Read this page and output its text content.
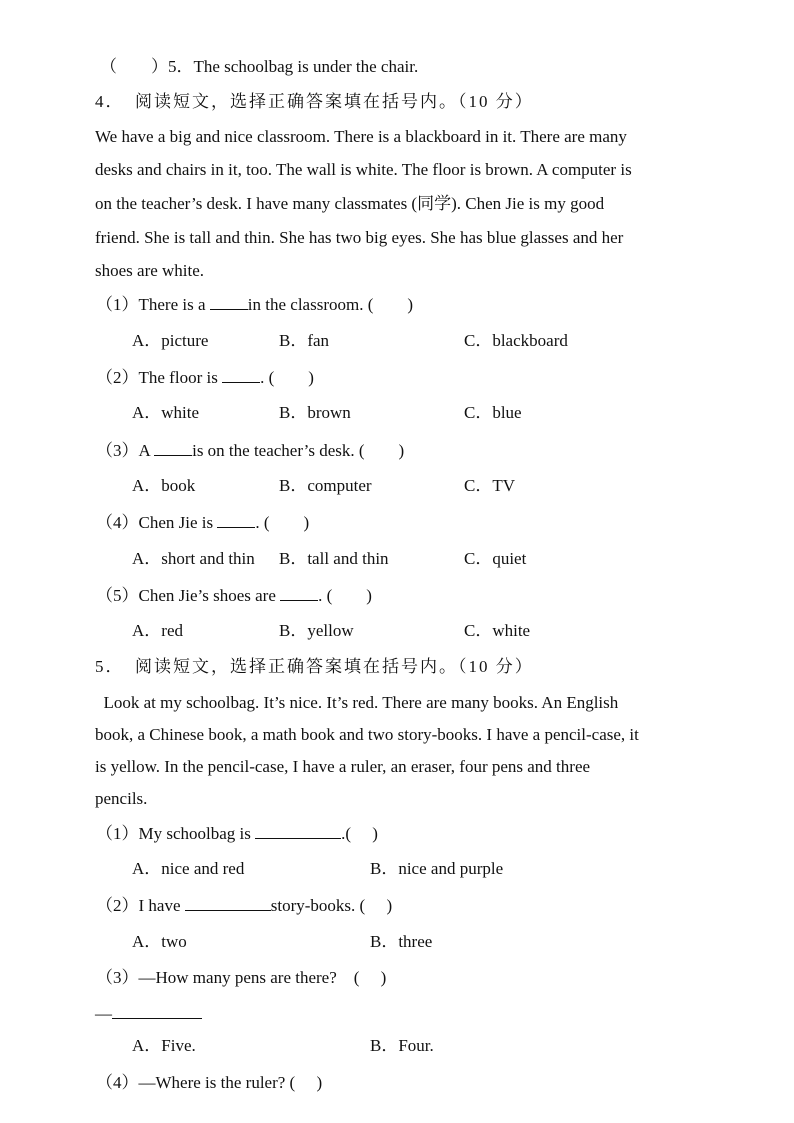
（　　）5．The schoolbag is under the chair.
4．　阅读短文，选择正确答案填在括号内。（10 分）
We have a big and nice classroom. There is a blackboard in it. There are many
desks and chairs in it, too. The wall is white. The floor is brown. A computer is
on the teacher’s desk. I have many classmates (同学). Chen Jie is my good
friend. She is tall and thin. She has two big eyes. She has blue glasses and her
shoes are white.
（1）There is a in the classroom. (　　)
A．picture	B．fan	C．blackboard
（2）The floor is . (　　)
A．white	B．brown	C．blue
（3）A is on the teacher’s desk. (　　)
A．book	B．computer	C．TV
（4）Chen Jie is . (　　)
A．short and thin B．tall and thin	C．quiet
（5）Chen Jie’s shoes are . (　　)
A．red	B．yellow	C．white
5．　阅读短文，选择正确答案填在括号内。（10 分）
Look at my schoolbag. It’s nice. It’s red. There are many books. An English
book, a Chinese book, a math book and two story-books. I have a pencil-case, it
is yellow. In the pencil-case, I have a ruler, an eraser, four pens and three
pencils.
（1）My schoolbag is	.(　 )
A．nice and red	B．nice and purple
（2）I have	story-books. (　 )
A．two	B．three
（3）—How many pens are there?　(　 )
—
A．Five.	B．Four.
（4）—Where is the ruler? (　 )
